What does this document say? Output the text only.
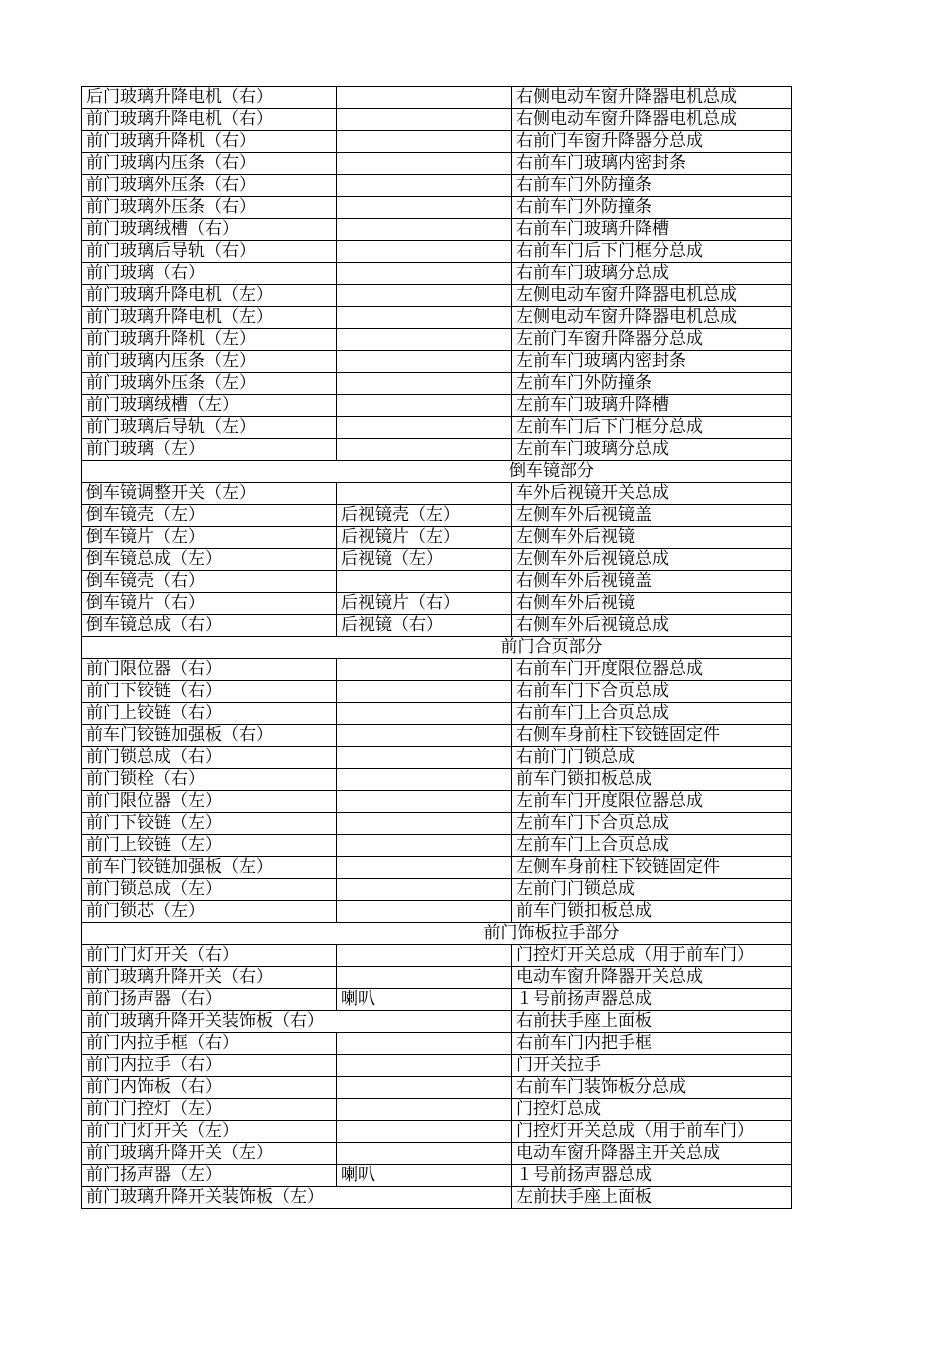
后门玻璃升降电机（右）		右侧电动车窗升降器电机总成
前门玻璃升降电机（右）		右侧电动车窗升降器电机总成
前门玻璃升降机（右）		右前门车窗升降器分总成
前门玻璃内压条（右）		右前车门玻璃内密封条
前门玻璃外压条（右）		右前车门外防撞条
前门玻璃外压条（右）		右前车门外防撞条
前门玻璃绒槽（右）		右前车门玻璃升降槽
前门玻璃后导轨（右）		右前车门后下门框分总成
前门玻璃（右）		右前车门玻璃分总成
前门玻璃升降电机（左）		左侧电动车窗升降器电机总成
前门玻璃升降电机（左）		左侧电动车窗升降器电机总成
前门玻璃升降机（左）		左前门车窗升降器分总成
前门玻璃内压条（左）		左前车门玻璃内密封条
前门玻璃外压条（左）		左前车门外防撞条
前门玻璃绒槽（左）		左前车门玻璃升降槽
前门玻璃后导轨（左）		左前车门后下门框分总成
前门玻璃（左）		左前车门玻璃分总成
倒车镜部分		
倒车镜调整开关（左）		车外后视镜开关总成
倒车镜壳（左）	后视镜壳（左）	左侧车外后视镜盖
倒车镜片（左）	后视镜片（左）	左侧车外后视镜
倒车镜总成（左）	后视镜（左）	左侧车外后视镜总成
倒车镜壳（右）		右侧车外后视镜盖
倒车镜片（右）	后视镜片（右）	右侧车外后视镜
倒车镜总成（右）	后视镜（右）	右侧车外后视镜总成
前门合页部分		
前门限位器（右）		右前车门开度限位器总成
前门下铰链（右）		右前车门下合页总成
前门上铰链（右）		右前车门上合页总成
前车门铰链加强板（右）		右侧车身前柱下铰链固定件
前门锁总成（右）		右前门门锁总成
前门锁栓（右）		前车门锁扣板总成
前门限位器（左）		左前车门开度限位器总成
前门下铰链（左）		左前车门下合页总成
前门上铰链（左）		左前车门上合页总成
前车门铰链加强板（左）		左侧车身前柱下铰链固定件
前门锁总成（左）		左前门门锁总成
前门锁芯（左）		前车门锁扣板总成
前门饰板拉手部分		
前门门灯开关（右）		门控灯开关总成（用于前车门）
前门玻璃升降开关（右）		电动车窗升降器开关总成
前门扬声器（右）	喇叭	１号前扬声器总成
前门玻璃升降开关装饰板（右）		右前扶手座上面板
前门内拉手框（右）		右前车门内把手框
前门内拉手（右）		门开关拉手
前门内饰板（右）		右前车门装饰板分总成
前门门控灯（左）		门控灯总成
前门门灯开关（左）		门控灯开关总成（用于前车门）
前门玻璃升降开关（左）		电动车窗升降器主开关总成
前门扬声器（左）	喇叭	１号前扬声器总成
前门玻璃升降开关装饰板（左）		左前扶手座上面板
